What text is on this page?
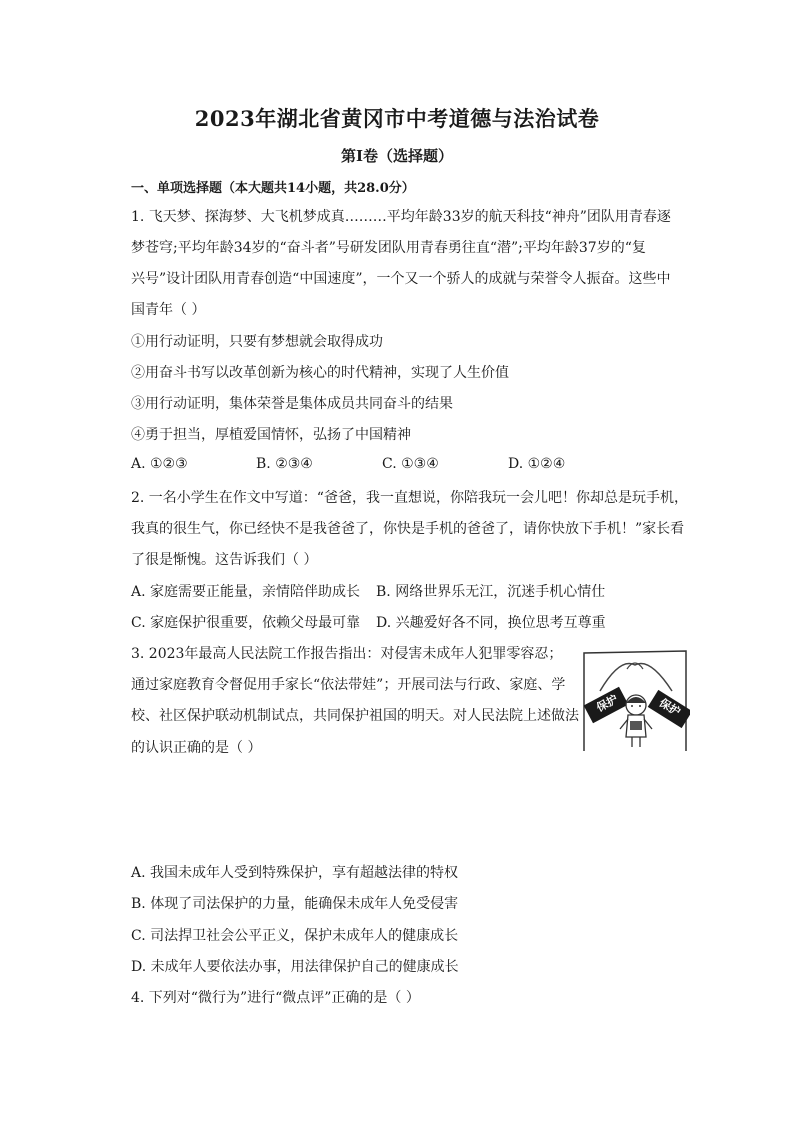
2023年湖北省黄冈市中考道德与法治试卷
第Ⅰ卷（选择题）
一、单项选择题（本大题共14小题，共28.0分）
1. 飞天梦、探海梦、大飞机梦成真………平均年龄33岁的航天科技“神舟”团队用青春逐
梦苍穹;平均年龄34岁的“奋斗者”号研发团队用青春勇往直“潜”;平均年龄37岁的“复
兴号”设计团队用青春创造“中国速度”，一个又一个骄人的成就与荣誉令人振奋。这些中
国青年（ ）
①用行动证明，只要有梦想就会取得成功
②用奋斗书写以改革创新为核心的时代精神，实现了人生价值
③用行动证明，集体荣誉是集体成员共同奋斗的结果
④勇于担当，厚植爱国情怀，弘扬了中国精神
A. ①②③	B. ②③④	C. ①③④	D. ①②④
2. 一名小学生在作文中写道：“爸爸，我一直想说，你陪我玩一会儿吧！你却总是玩手机，
我真的很生气，你已经快不是我爸爸了，你快是手机的爸爸了，请你快放下手机！”家长看
了很是惭愧。这告诉我们（ ）
A. 家庭需要正能量，亲情陪伴助成长 B. 网络世界乐无江，沉迷手机心情仕
C. 家庭保护很重要，依赖父母最可靠 D. 兴趣爱好各不同，换位思考互尊重
3. 2023年最高人民法院工作报告指出：对侵害未成年人犯罪零容忍；
通过家庭教育令督促用手家长“依法带娃”；开展司法与行政、家庭、学
校、社区保护联动机制试点，共同保护祖国的明天。对人民法院上述做法
的认识正确的是（ ）
保护	保护
A. 我国未成年人受到特殊保护，享有超越法律的特权
B. 体现了司法保护的力量，能确保未成年人免受侵害
C. 司法捍卫社会公平正义，保护未成年人的健康成长
D. 未成年人要依法办事，用法律保护自己的健康成长
4. 下列对“微行为”进行“微点评”正确的是（ ）
